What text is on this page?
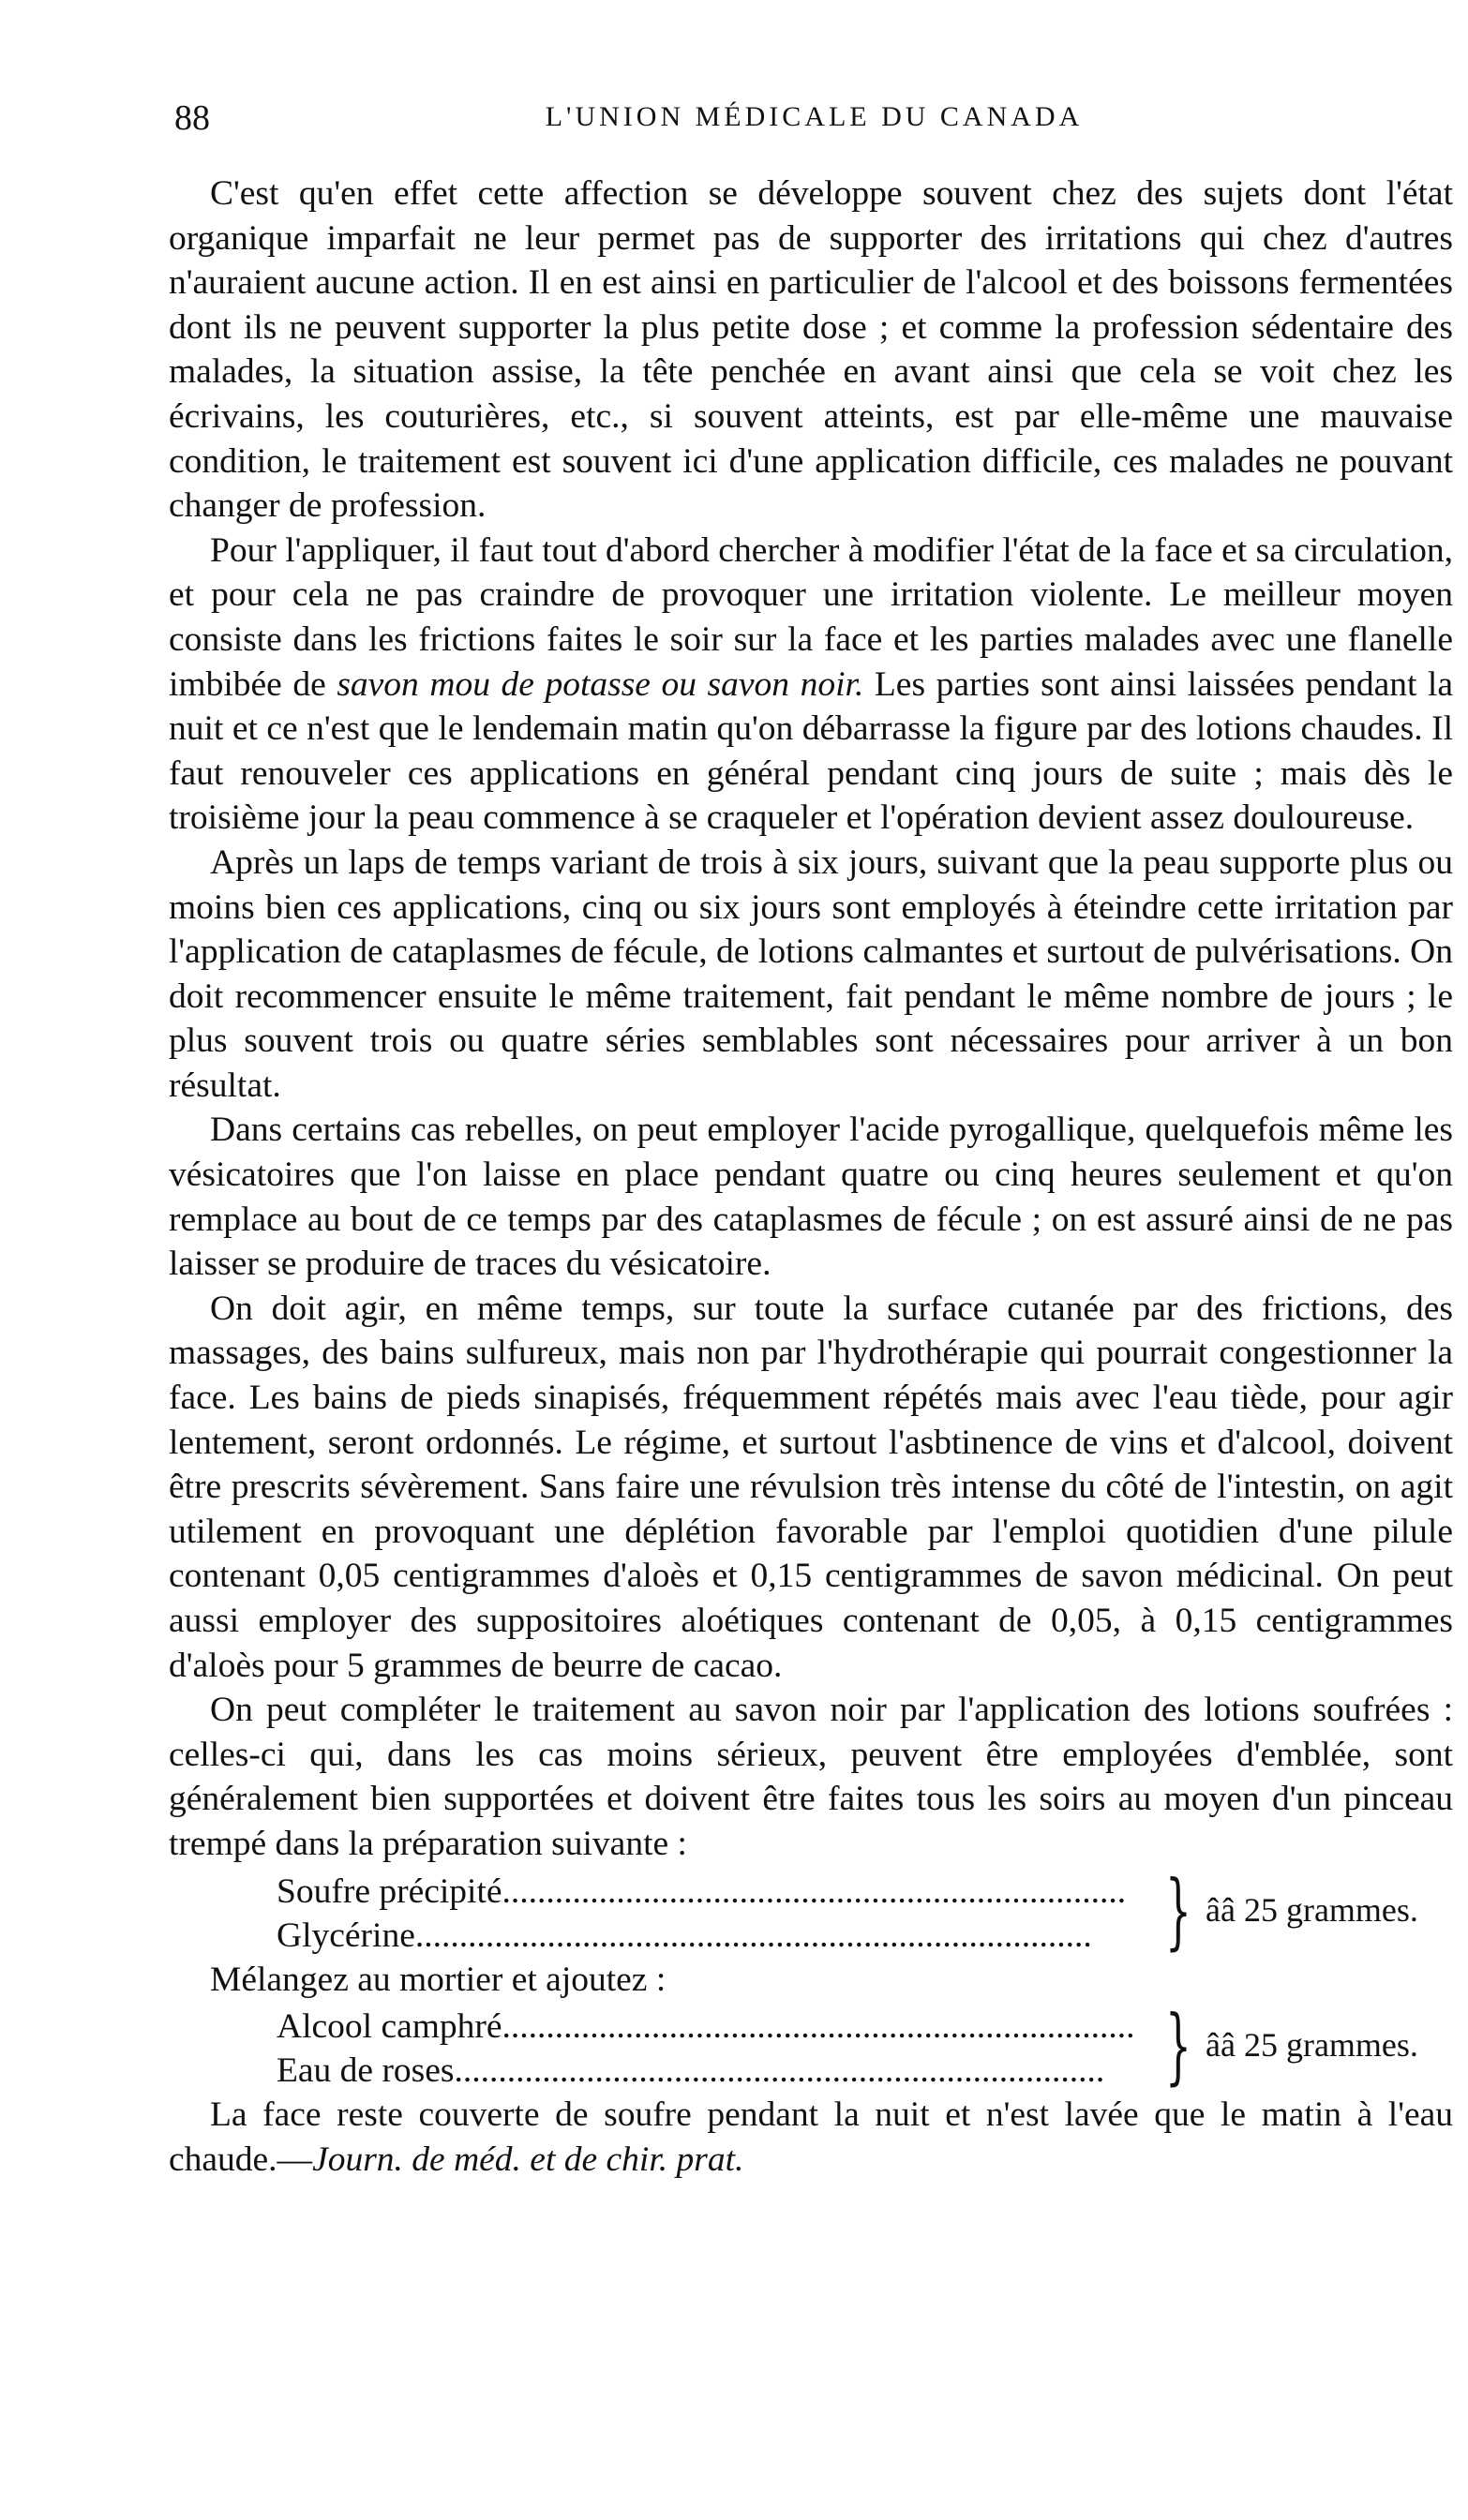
88	L'UNION MÉDICALE DU CANADA

C'est qu'en effet cette affection se développe souvent chez des sujets dont l'état organique imparfait ne leur permet pas de supporter des irritations qui chez d'autres n'auraient aucune action. Il en est ainsi en particulier de l'alcool et des boissons fermentées dont ils ne peuvent supporter la plus petite dose ; et comme la profession sédentaire des malades, la situation assise, la tête penchée en avant ainsi que cela se voit chez les écrivains, les couturières, etc., si souvent atteints, est par elle-même une mauvaise condition, le traitement est souvent ici d'une application difficile, ces malades ne pouvant changer de profession.

Pour l'appliquer, il faut tout d'abord chercher à modifier l'état de la face et sa circulation, et pour cela ne pas craindre de provoquer une irritation violente. Le meilleur moyen consiste dans les frictions faites le soir sur la face et les parties malades avec une flanelle imbibée de savon mou de potasse ou savon noir. Les parties sont ainsi laissées pendant la nuit et ce n'est que le lendemain matin qu'on débarrasse la figure par des lotions chaudes. Il faut renouveler ces applications en général pendant cinq jours de suite ; mais dès le troisième jour la peau commence à se craqueler et l'opération devient assez douloureuse.

Après un laps de temps variant de trois à six jours, suivant que la peau supporte plus ou moins bien ces applications, cinq ou six jours sont employés à éteindre cette irritation par l'application de cataplasmes de fécule, de lotions calmantes et surtout de pulvérisations. On doit recommencer ensuite le même traitement, fait pendant le même nombre de jours ; le plus souvent trois ou quatre séries semblables sont nécessaires pour arriver à un bon résultat.

Dans certains cas rebelles, on peut employer l'acide pyrogallique, quelquefois même les vésicatoires que l'on laisse en place pendant quatre ou cinq heures seulement et qu'on remplace au bout de ce temps par des cataplasmes de fécule ; on est assuré ainsi de ne pas laisser se produire de traces du vésicatoire.

On doit agir, en même temps, sur toute la surface cutanée par des frictions, des massages, des bains sulfureux, mais non par l'hydrothérapie qui pourrait congestionner la face. Les bains de pieds sinapisés, fréquemment répétés mais avec l'eau tiède, pour agir lentement, seront ordonnés. Le régime, et surtout l'asbtinence de vins et d'alcool, doivent être prescrits sévèrement. Sans faire une révulsion très intense du côté de l'intestin, on agit utilement en provoquant une déplétion favorable par l'emploi quotidien d'une pilule contenant 0,05 centigrammes d'aloès et 0,15 centigrammes de savon médicinal. On peut aussi employer des suppositoires aloétiques contenant de 0,05, à 0,15 centigrammes d'aloès pour 5 grammes de beurre de cacao.

On peut compléter le traitement au savon noir par l'application des lotions soufrées : celles-ci qui, dans les cas moins sérieux, peuvent être employées d'emblée, sont généralement bien supportées et doivent être faites tous les soirs au moyen d'un pinceau trempé dans la préparation suivante :

Soufre précipité.......................................................................
Glycérine............................................................................. } ââ 25 grammes.

Mélangez au mortier et ajoutez :

Alcool camphré........................................................................
Eau de roses.......................................................................... } ââ 25 grammes.

La face reste couverte de soufre pendant la nuit et n'est lavée que le matin à l'eau chaude.—Journ. de méd. et de chir. prat.
